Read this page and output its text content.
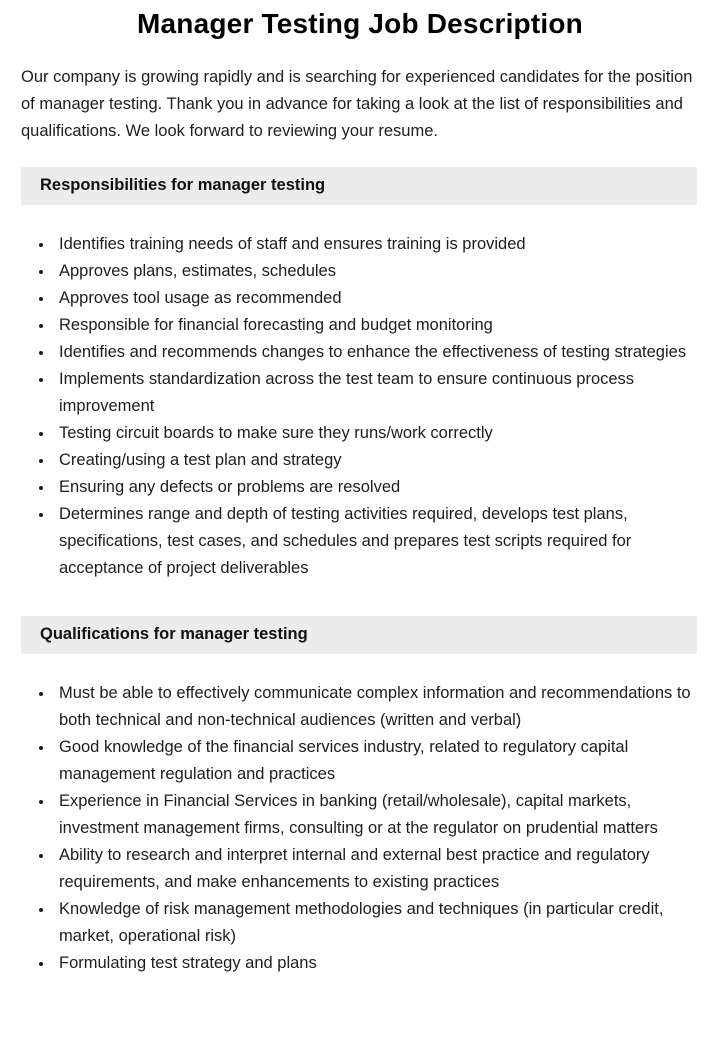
Manager Testing Job Description

Our company is growing rapidly and is searching for experienced candidates for the position of manager testing. Thank you in advance for taking a look at the list of responsibilities and qualifications. We look forward to reviewing your resume.

Responsibilities for manager testing
• Identifies training needs of staff and ensures training is provided
• Approves plans, estimates, schedules
• Approves tool usage as recommended
• Responsible for financial forecasting and budget monitoring
• Identifies and recommends changes to enhance the effectiveness of testing strategies
• Implements standardization across the test team to ensure continuous process improvement
• Testing circuit boards to make sure they runs/work correctly
• Creating/using a test plan and strategy
• Ensuring any defects or problems are resolved
• Determines range and depth of testing activities required, develops test plans, specifications, test cases, and schedules and prepares test scripts required for acceptance of project deliverables
Qualifications for manager testing
• Must be able to effectively communicate complex information and recommendations to both technical and non-technical audiences (written and verbal)
• Good knowledge of the financial services industry, related to regulatory capital management regulation and practices
• Experience in Financial Services in banking (retail/wholesale), capital markets, investment management firms, consulting or at the regulator on prudential matters
• Ability to research and interpret internal and external best practice and regulatory requirements, and make enhancements to existing practices
• Knowledge of risk management methodologies and techniques (in particular credit, market, operational risk)
• Formulating test strategy and plans
